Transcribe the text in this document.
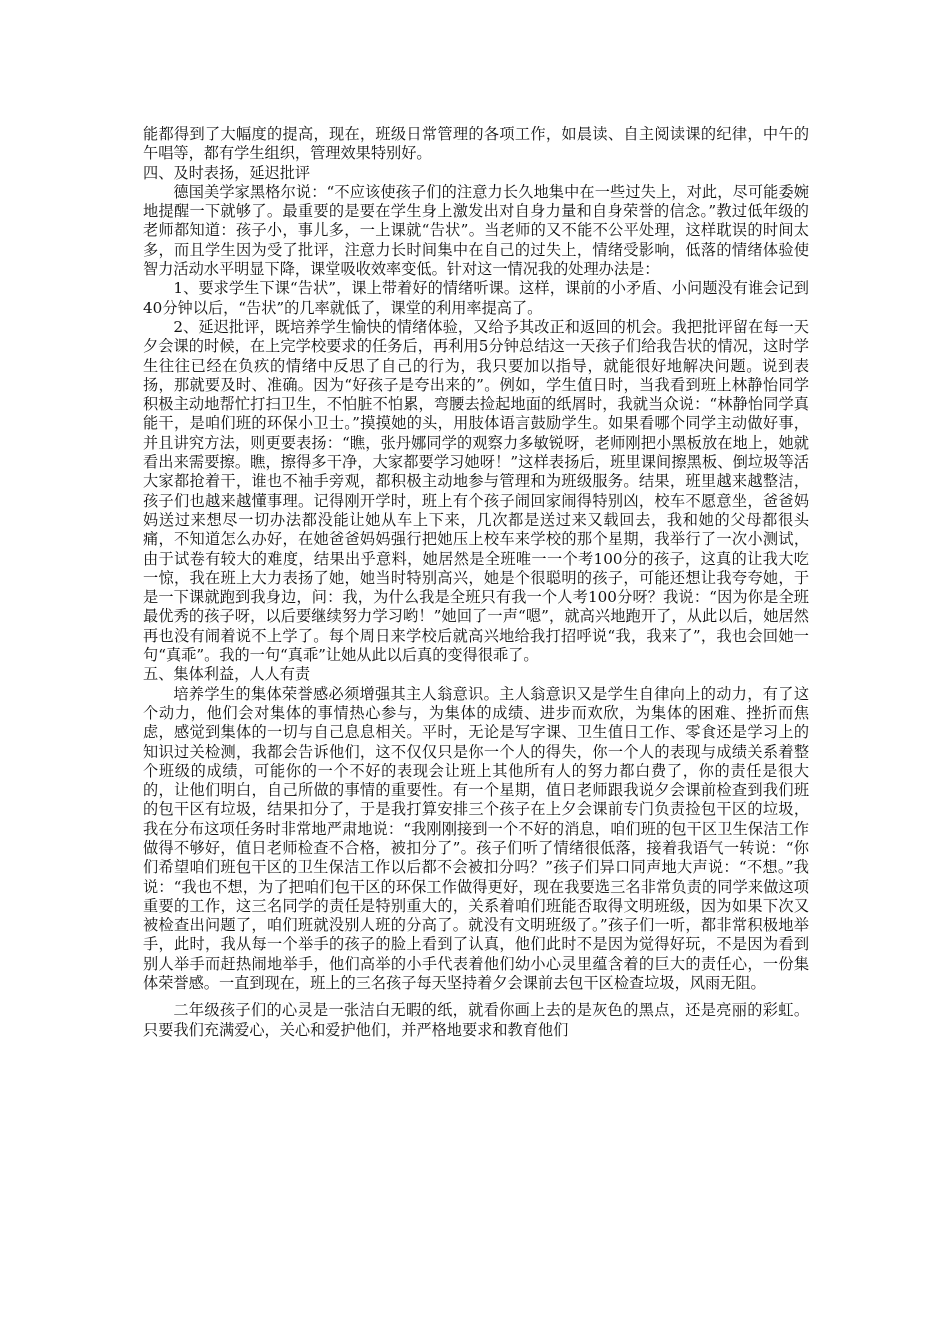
能都得到了大幅度的提高，现在，班级日常管理的各项工作，如晨读、自主阅读课的纪律，中午的午唱等，都有学生组织，管理效果特别好。

四、及时表扬，延迟批评

德国美学家黑格尔说：“不应该使孩子们的注意力长久地集中在一些过失上，对此，尽可能委婉地提醒一下就够了。最重要的是要在学生身上激发出对自身力量和自身荣誉的信念。”教过低年级的老师都知道：孩子小，事儿多，一上课就“告状”。当老师的又不能不公平处理，这样耽误的时间太多，而且学生因为受了批评，注意力长时间集中在自己的过失上，情绪受影响，低落的情绪体验使智力活动水平明显下降，课堂吸收效率变低。针对这一情况我的处理办法是：

1、要求学生下课“告状”，课上带着好的情绪听课。这样，课前的小矛盾、小问题没有谁会记到40分钟以后，“告状”的几率就低了，课堂的利用率提高了。

2、延迟批评，既培养学生愉快的情绪体验，又给予其改正和返回的机会。我把批评留在每一天夕会课的时候，在上完学校要求的任务后，再利用5分钟总结这一天孩子们给我告状的情况，这时学生往往已经在负疚的情绪中反思了自己的行为，我只要加以指导，就能很好地解决问题。说到表扬，那就要及时、准确。因为“好孩子是夸出来的”。例如，学生值日时，当我看到班上林静怡同学积极主动地帮忙打扫卫生，不怕脏不怕累，弯腰去捡起地面的纸屑时，我就当众说：“林静怡同学真能干，是咱们班的环保小卫士。”摸摸她的头，用肢体语言鼓励学生。如果看哪个同学主动做好事，并且讲究方法，则更要表扬：“瞧，张丹娜同学的观察力多敏锐呀，老师刚把小黑板放在地上，她就看出来需要擦。瞧，擦得多干净，大家都要学习她呀！”这样表扬后，班里课间擦黑板、倒垃圾等活大家都抢着干，谁也不袖手旁观，都积极主动地参与管理和为班级服务。结果，班里越来越整洁，孩子们也越来越懂事理。记得刚开学时，班上有个孩子闹回家闹得特别凶，校车不愿意坐，爸爸妈妈送过来想尽一切办法都没能让她从车上下来，几次都是送过来又载回去，我和她的父母都很头痛，不知道怎么办好，在她爸爸妈妈强行把她压上校车来学校的那个星期，我举行了一次小测试，由于试卷有较大的难度，结果出乎意料，她居然是全班唯一一个考100分的孩子，这真的让我大吃一惊，我在班上大力表扬了她，她当时特别高兴，她是个很聪明的孩子，可能还想让我夸夸她，于是一下课就跑到我身边，问：我，为什么我是全班只有我一个人考100分呀？我说：“因为你是全班最优秀的孩子呀，以后要继续努力学习哟！”她回了一声“嗯”，就高兴地跑开了，从此以后，她居然再也没有闹着说不上学了。每个周日来学校后就高兴地给我打招呼说“我，我来了”，我也会回她一句“真乖”。我的一句“真乖”让她从此以后真的变得很乖了。

五、集体利益，人人有责

培养学生的集体荣誉感必须增强其主人翁意识。主人翁意识又是学生自律向上的动力，有了这个动力，他们会对集体的事情热心参与，为集体的成绩、进步而欢欣，为集体的困难、挫折而焦虑，感觉到集体的一切与自己息息相关。平时，无论是写字课、卫生值日工作、零食还是学习上的知识过关检测，我都会告诉他们，这不仅仅只是你一个人的得失，你一个人的表现与成绩关系着整个班级的成绩，可能你的一个不好的表现会让班上其他所有人的努力都白费了，你的责任是很大的，让他们明白，自己所做的事情的重要性。有一个星期，值日老师跟我说夕会课前检查到我们班的包干区有垃圾，结果扣分了，于是我打算安排三个孩子在上夕会课前专门负责捡包干区的垃圾，我在分布这项任务时非常地严肃地说：“我刚刚接到一个不好的消息，咱们班的包干区卫生保洁工作做得不够好，值日老师检查不合格，被扣分了”。孩子们听了情绪很低落，接着我语气一转说：“你们希望咱们班包干区的卫生保洁工作以后都不会被扣分吗？”孩子们异口同声地大声说：“不想。”我说：“我也不想，为了把咱们包干区的环保工作做得更好，现在我要选三名非常负责的同学来做这项重要的工作，这三名同学的责任是特别重大的，关系着咱们班能否取得文明班级，因为如果下次又被检查出问题了，咱们班就没别人班的分高了。就没有文明班级了。”孩子们一听，都非常积极地举手，此时，我从每一个举手的孩子的脸上看到了认真，他们此时不是因为觉得好玩，不是因为看到别人举手而赶热闹地举手，他们高举的小手代表着他们幼小心灵里蕴含着的巨大的责任心，一份集体荣誉感。一直到现在，班上的三名孩子每天坚持着夕会课前去包干区检查垃圾，风雨无阻。

二年级孩子们的心灵是一张洁白无暇的纸，就看你画上去的是灰色的黑点，还是亮丽的彩虹。只要我们充满爱心，关心和爱护他们，并严格地要求和教育他们
